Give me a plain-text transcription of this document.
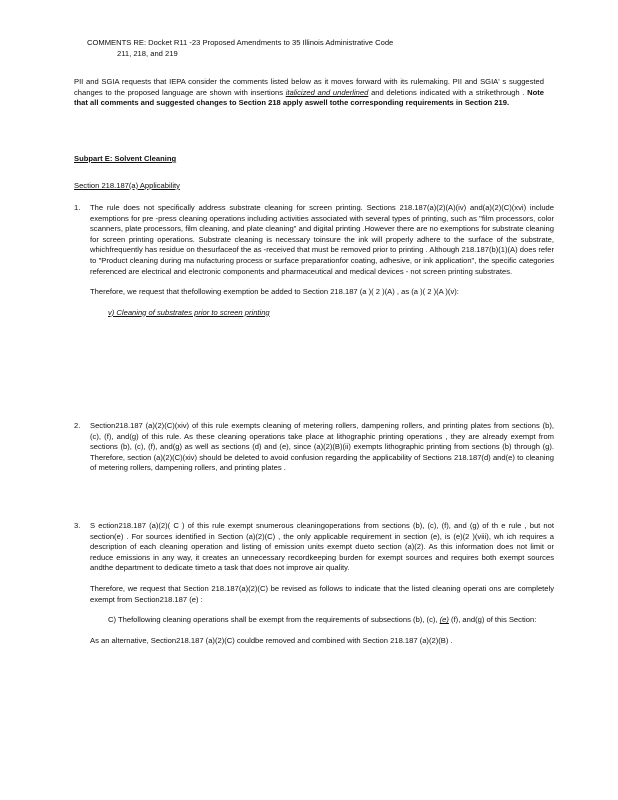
COMMENTS RE: Docket R11 -23 Proposed Amendments to 35 Illinois Administrative Code
211, 218, and 219
PII and SGIA requests that IEPA consider the comments listed below as it moves forward with its rulemaking. PII and SGIA' s suggested changes to the proposed language are shown with insertions italicized and underlined and deletions indicated with a strikethrough . Note that all comments and suggested changes to Section 218 apply aswell tothe corresponding requirements in Section 219.
Subpart E: Solvent Cleaning
Section 218.187(a) Applicability
1.	The rule does not specifically address substrate cleaning for screen printing. Sections 218.187(a)(2)(A)(iv) and(a)(2)(C)(xvi) include exemptions for pre -press cleaning operations including activities associated with several types of printing, such as "film processors, color scanners, plate processors, film cleaning, and plate cleaning" and digital printing .However there are no exemptions for substrate cleaning for screen printing operations. Substrate cleaning is necessary toinsure the ink will properly adhere to the surface of the substrate, whichfrequently has residue on thesurfaceof the as -received that must be removed prior to printing . Although 218.187(b)(1)(A) does refer to "Product cleaning during ma nufacturing process or surface preparationfor coating, adhesive, or ink application", the specific categories referenced are electrical and electronic components and pharmaceutical and medical devices - not screen printing substrates.
Therefore, we request that thefollowing exemption be added to Section 218.187 (a )( 2 )(A) , as (a )( 2 )(A )(v):
v) Cleaning of substrates prior to screen printing
2.	Section218.187 (a)(2)(C)(xiv) of this rule exempts cleaning of metering rollers, dampening rollers, and printing plates from sections (b), (c), (f), and(g) of this rule. As these cleaning operations take place at lithographic printing operations , they are already exempt from sections (b), (c), (f), and(g) as well as sections (d) and (e), since (a)(2)(B)(ii) exempts lithographic printing from sections (b) through (g). Therefore, section (a)(2)(C)(xiv) should be deleted to avoid confusion regarding the applicability of Sections 218.187(d) and(e) to cleaning of metering rollers, dampening rollers, and printing plates .
3.	S ection218.187 (a)(2)( C ) of this rule exempt snumerous cleaningoperations from sections (b), (c), (f), and (g) of th e rule , but not section(e) . For sources identified in Section (a)(2)(C) , the only applicable requirement in section (e), is (e)(2 )(viii), wh ich requires a description of each cleaning operation and listing of emission units exempt dueto section (a)(2). As this information does not limit or reduce emissions in any way, it creates an unnecessary recordkeeping burden for exempt sources and requires both exempt sources andthe department to dedicate timeto a task that does not improve air quality.
Therefore, we request that Section 218.187(a)(2)(C) be revised as follows to indicate that the listed cleaning operati ons are completely exempt from Section218.187 (e) :
C) Thefollowing cleaning operations shall be exempt from the requirements of subsections (b), (c), (e) (f), and(g) of this Section:
As an alternative, Section218.187 (a)(2)(C) couldbe removed and combined with Section 218.187 (a)(2)(B) .
